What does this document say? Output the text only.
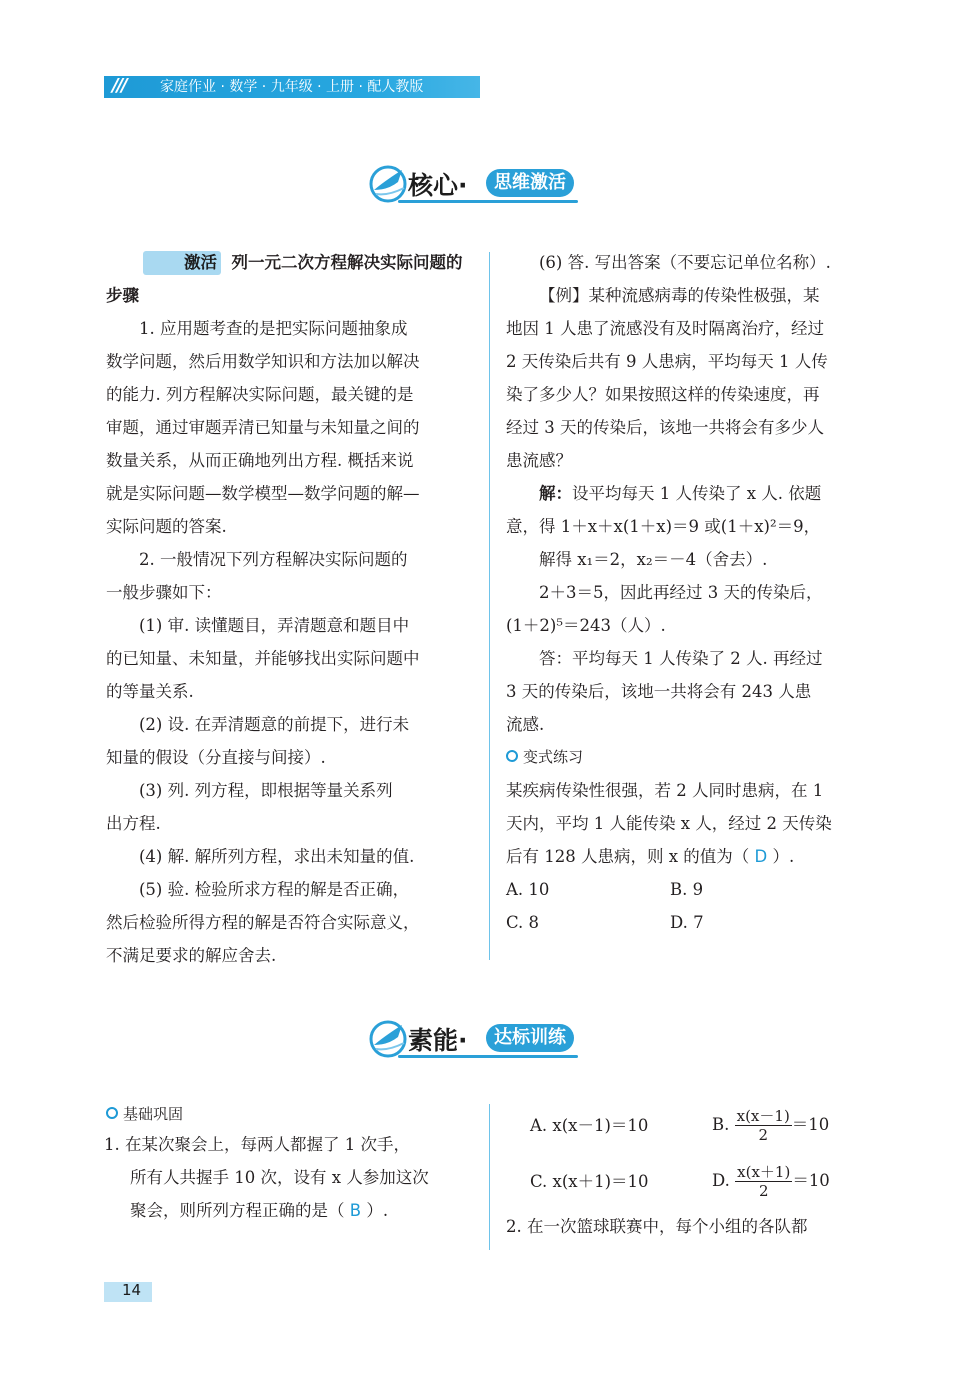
/// 家庭作业 · 数学 · 九年级 · 上册 · 配人教版
核心·	思维激活
激活 列一元二次方程解决实际问题的
步骤
1. 应用题考查的是把实际问题抽象成
数学问题，然后用数学知识和方法加以解决
的能力. 列方程解决实际问题，最关键的是
审题，通过审题弄清已知量与未知量之间的
数量关系，从而正确地列出方程. 概括来说
就是实际问题—数学模型—数学问题的解—
实际问题的答案.
2. 一般情况下列方程解决实际问题的
一般步骤如下：
(1) 审. 读懂题目，弄清题意和题目中
的已知量、未知量，并能够找出实际问题中
的等量关系.
(2) 设. 在弄清题意的前提下，进行未
知量的假设（分直接与间接）.
(3) 列. 列方程，即根据等量关系列
出方程.
(4) 解. 解所列方程，求出未知量的值.
(5) 验. 检验所求方程的解是否正确，
然后检验所得方程的解是否符合实际意义，
不满足要求的解应舍去.
(6) 答. 写出答案（不要忘记单位名称）.
【例】某种流感病毒的传染性极强，某
地因 1 人患了流感没有及时隔离治疗，经过
2 天传染后共有 9 人患病，平均每天 1 人传
染了多少人？如果按照这样的传染速度，再
经过 3 天的传染后，该地一共将会有多少人
患流感？
解：设平均每天 1 人传染了 x 人. 依题
意，得 1＋x＋x(1＋x)＝9 或(1＋x)²＝9，
解得 x₁＝2，x₂＝－4（舍去）.
2＋3＝5，因此再经过 3 天的传染后，
(1＋2)⁵＝243（人）.
答：平均每天 1 人传染了 2 人. 再经过
3 天的传染后，该地一共将会有 243 人患
流感.
变式练习
某疾病传染性很强，若 2 人同时患病，在 1
天内，平均 1 人能传染 x 人，经过 2 天传染
后有 128 人患病，则 x 的值为（ D ）.
A. 10	B. 9
C. 8	D. 7
素能·	达标训练
基础巩固
1. 在某次聚会上，每两人都握了 1 次手，
所有人共握手 10 次，设有 x 人参加这次
聚会，则所列方程正确的是（ B ）.
A. x(x－1)＝10	B. $\frac{x(x-1)}{2} =10$
C. x(x＋1)＝10	D. $\frac{x(x+1)}{2} =10$
2. 在一次篮球联赛中，每个小组的各队都
14
